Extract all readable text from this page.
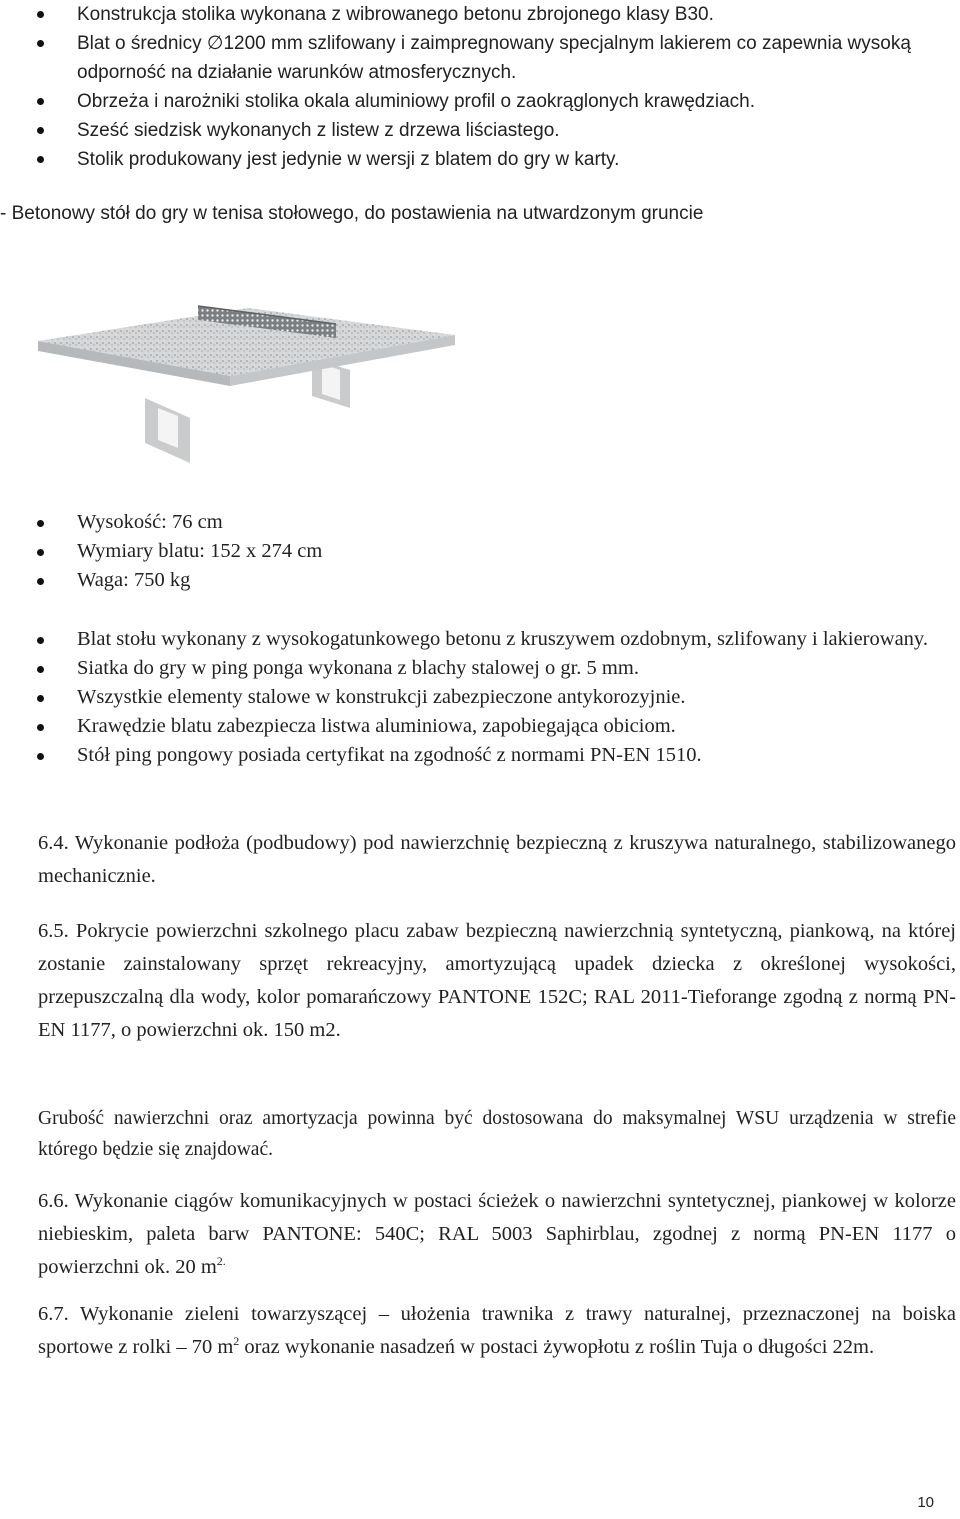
Konstrukcja stolika wykonana z wibrowanego betonu zbrojonego klasy B30.
Blat o średnicy ∅1200 mm szlifowany i zaimpregnowany specjalnym lakierem co zapewnia wysoką odporność na działanie warunków atmosferycznych.
Obrzeża i narożniki stolika okala aluminiowy profil o zaokrąglonych krawędziach.
Sześć siedzisk wykonanych z listew z drzewa liściastego.
Stolik produkowany jest jedynie w wersji z blatem do gry w karty.

- Betonowy stół do gry w tenisa stołowego, do postawienia na utwardzonym gruncie

Wysokość: 76 cm
Wymiary blatu: 152 x 274 cm
Waga: 750 kg
Blat stołu wykonany z wysokogatunkowego betonu z kruszywem ozdobnym, szlifowany i lakierowany.
Siatka do gry w ping ponga wykonana z blachy stalowej o gr. 5 mm.
Wszystkie elementy stalowe w konstrukcji zabezpieczone antykorozyjnie.
Krawędzie blatu zabezpiecza listwa aluminiowa, zapobiegająca obiciom.
Stół ping pongowy posiada certyfikat na zgodność z normami PN-EN 1510.

6.4. Wykonanie podłoża (podbudowy) pod nawierzchnię bezpieczną z kruszywa naturalnego, stabilizowanego mechanicznie.

6.5. Pokrycie powierzchni szkolnego placu zabaw bezpieczną nawierzchnią syntetyczną, piankową, na której zostanie zainstalowany sprzęt rekreacyjny, amortyzującą upadek dziecka z określonej wysokości, przepuszczalną dla wody, kolor pomarańczowy PANTONE 152C; RAL 2011-Tieforange zgodną z normą PN-EN 1177, o powierzchni ok. 150 m2.

Grubość nawierzchni oraz amortyzacja powinna być dostosowana do maksymalnej WSU urządzenia w strefie którego będzie się znajdować.

6.6. Wykonanie ciągów komunikacyjnych w postaci ścieżek o nawierzchni syntetycznej, piankowej w kolorze niebieskim, paleta barw PANTONE: 540C; RAL 5003 Saphirblau, zgodnej z normą PN-EN 1177 o powierzchni ok. 20 $m^{2.}$

6.7. Wykonanie zieleni towarzyszącej – ułożenia trawnika z trawy naturalnej, przeznaczonej na boiska sportowe z rolki – 70 $m^2$ oraz wykonanie nasadzeń w postaci żywopłotu z roślin Tuja o długości 22m.

10
